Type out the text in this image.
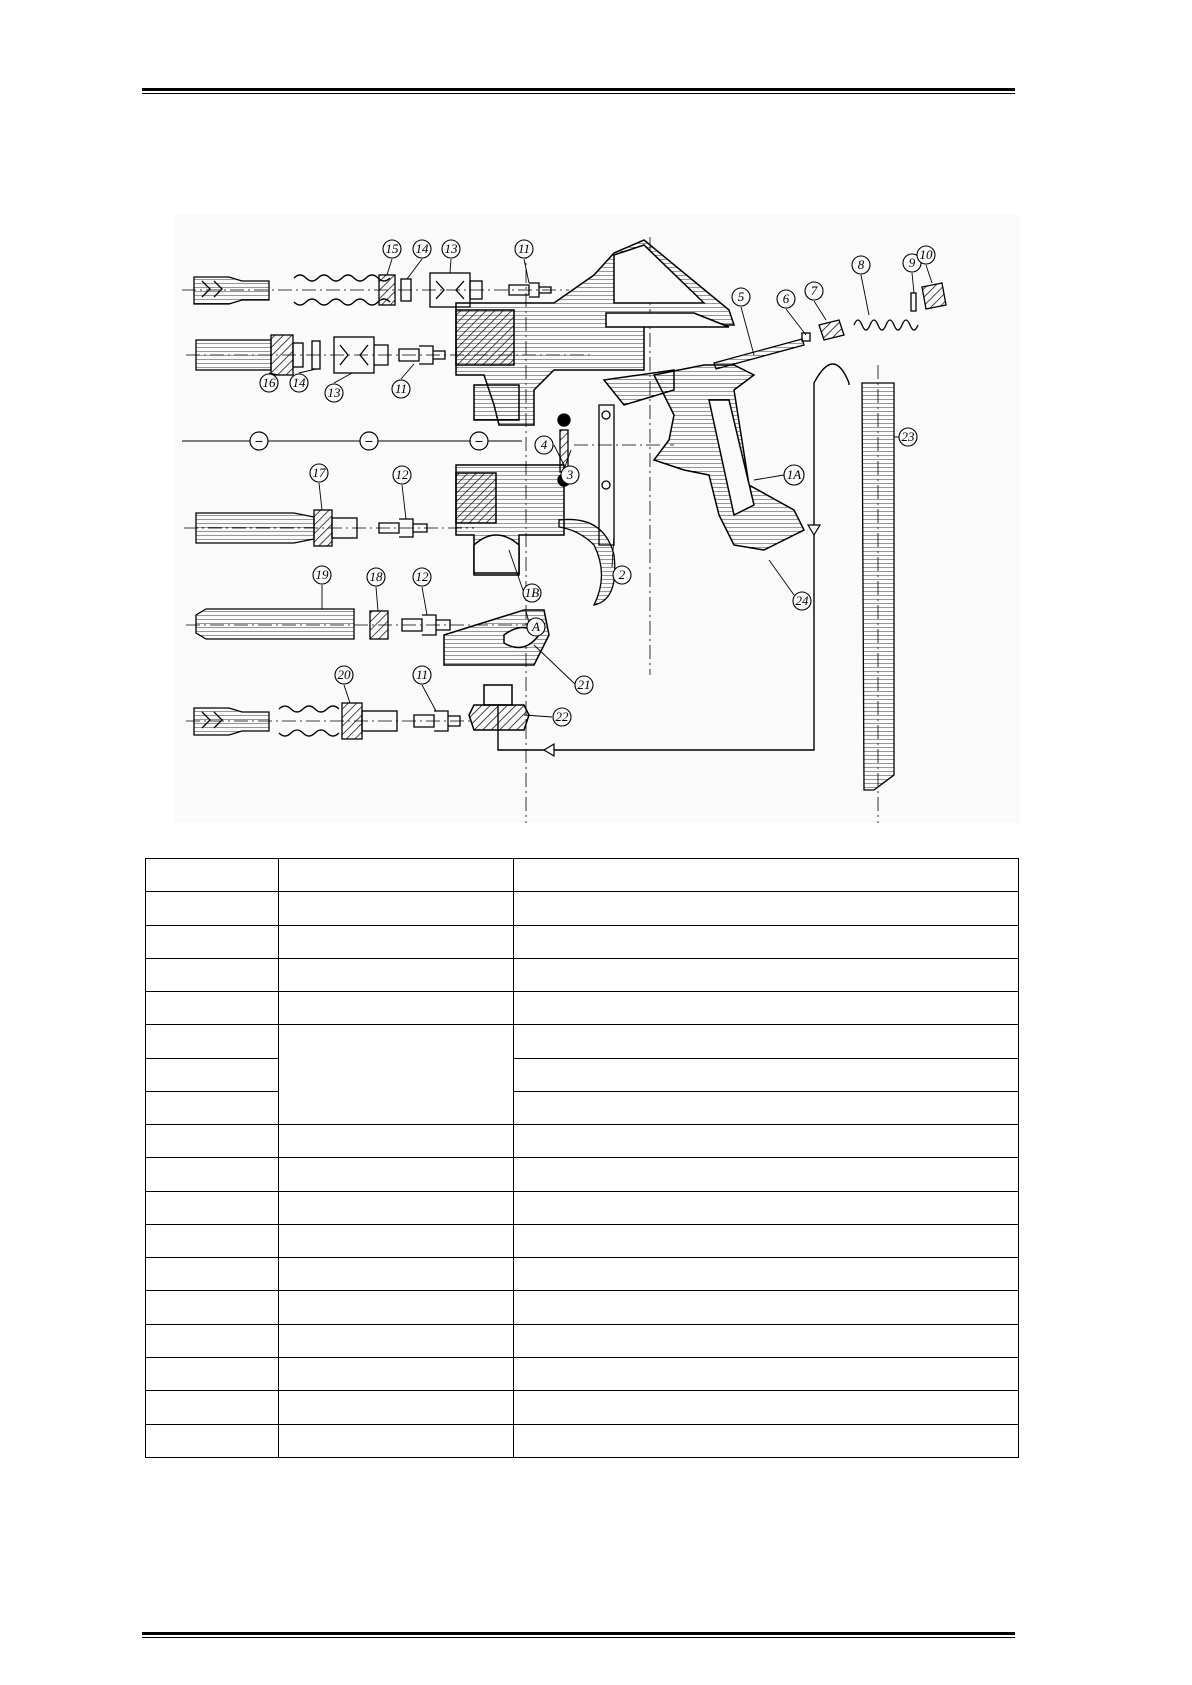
−	−	−
15 14 13	11
16 14
13	11
17	12
19	18	12
20	11
A
21
22
1B
2
3
4
1A
24
5	6
7
8	9
10
23
